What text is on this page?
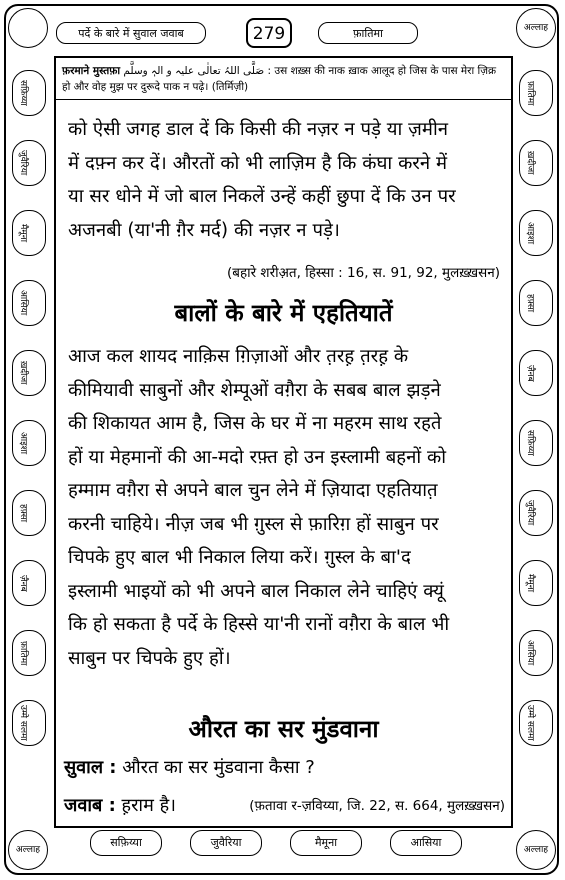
पर्दे के बारे में सुवाल जवाब	279	फ़ातिमा	अल्लाह
फ़रमाने मुस्तफ़ा صَلَّی اللہُ تعالٰی علیہ و الہٖ وسلَّم : उस शख़्स की नाक ख़ाक आलूद हो जिस के पास मेरा ज़िक्र हो और वोह मुझ पर दुरूदे पाक न पढ़े। (तिर्मिज़ी)
सफ़िय्या
जुवैरिया
मैमूना
आसिया
ख़दीजा
आइशा
हफ़्सा
ज़ैनब
फ़ातिमा
उम्मे सलमा
फ़ातिमा
ख़दीजा
आइशा
हफ़्सा
ज़ैनब
सफ़िय्या
जुवैरिया
मैमूना
आसिया
उम्मे सलमा
को ऐसी जगह डाल दें कि किसी की नज़र न पड़े या ज़मीन
में दफ़्न कर दें। औरतों को भी लाज़िम है कि कंघा करने में
या सर धोने में जो बाल निकलें उन्हें कहीं छुपा दें कि उन पर
अजनबी (या'नी ग़ैर मर्द) की नज़र न पड़े।
(बहारे शरीअ़त, हिस्सा : 16, स. 91, 92, मुलख़्ख़सन)
बालों के बारे में एहतियातें
आज कल शायद नाक़िस ग़िज़ाओं और त़रह़ त़रह़ के
कीमियावी साबुनों और शेम्पूओं वग़ैरा के सबब बाल झड़ने
की शिकायत आम है, जिस के घर में ना महरम साथ रहते
हों या मेहमानों की आ-मदो रफ़्त हो उन इस्लामी बहनों को
हम्माम वग़ैरा से अपने बाल चुन लेने में ज़ियादा एहतियात़
करनी चाहिये। नीज़ जब भी ग़ुस्ल से फ़ारिग़ हों साबुन पर
चिपके हुए बाल भी निकाल लिया करें। ग़ुस्ल के बा'द
इस्लामी भाइयों को भी अपने बाल निकाल लेने चाहिएं क्यूं
कि हो सकता है पर्दे के हिस्से या'नी रानों वग़ैरा के बाल भी
साबुन पर चिपके हुए हों।
औरत का सर मुंडवाना
सुवाल : औरत का सर मुंडवाना कैसा ?
जवाब : ह़राम है।	(फ़तावा र-ज़विय्या, जि. 22, स. 664, मुलख़्ख़सन)
सफ़िय्या	जुवैरिया	मैमूना	आसिया
अल्लाह	अल्लाह
